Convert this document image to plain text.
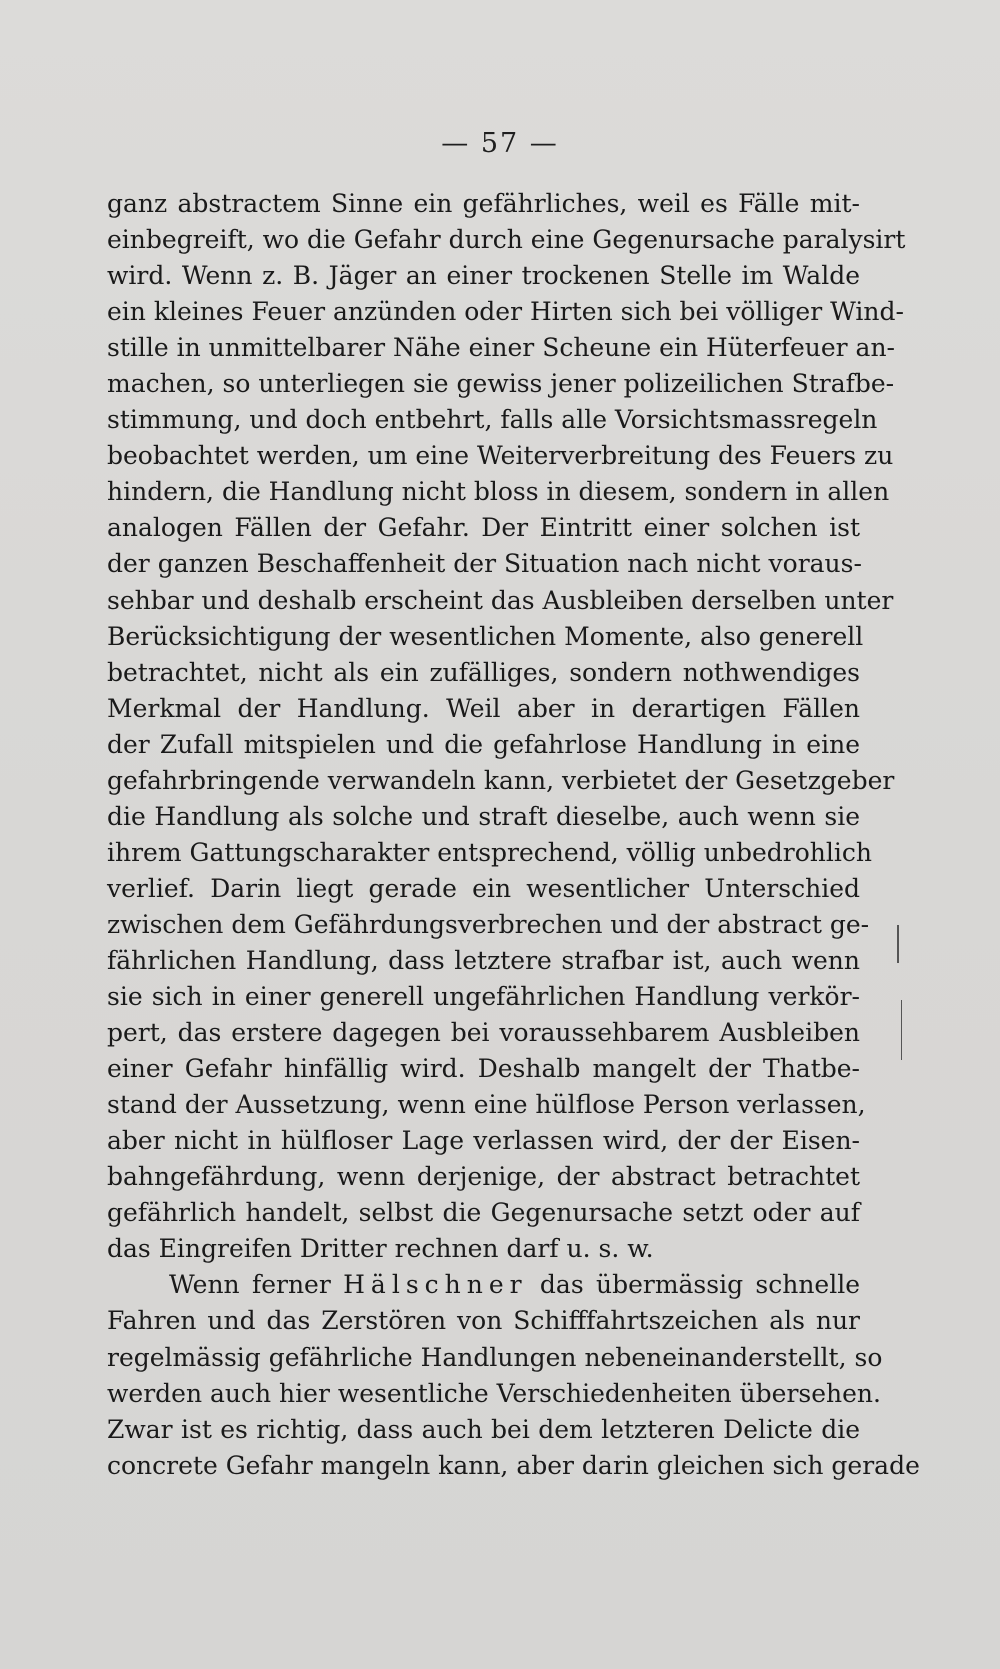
— 57 —
ganz abstractem Sinne ein gefährliches, weil es Fälle mit-
einbegreift, wo die Gefahr durch eine Gegenursache paralysirt
wird. Wenn z. B. Jäger an einer trockenen Stelle im Walde
ein kleines Feuer anzünden oder Hirten sich bei völliger Wind-
stille in unmittelbarer Nähe einer Scheune ein Hüterfeuer an-
machen, so unterliegen sie gewiss jener polizeilichen Strafbe-
stimmung, und doch entbehrt, falls alle Vorsichtsmassregeln
beobachtet werden, um eine Weiterverbreitung des Feuers zu
hindern, die Handlung nicht bloss in diesem, sondern in allen
analogen Fällen der Gefahr. Der Eintritt einer solchen ist
der ganzen Beschaffenheit der Situation nach nicht voraus-
sehbar und deshalb erscheint das Ausbleiben derselben unter
Berücksichtigung der wesentlichen Momente, also generell
betrachtet, nicht als ein zufälliges, sondern nothwendiges
Merkmal der Handlung. Weil aber in derartigen Fällen
der Zufall mitspielen und die gefahrlose Handlung in eine
gefahrbringende verwandeln kann, verbietet der Gesetzgeber
die Handlung als solche und straft dieselbe, auch wenn sie
ihrem Gattungscharakter entsprechend, völlig unbedrohlich
verlief. Darin liegt gerade ein wesentlicher Unterschied
zwischen dem Gefährdungsverbrechen und der abstract ge-
fährlichen Handlung, dass letztere strafbar ist, auch wenn
sie sich in einer generell ungefährlichen Handlung verkör-
pert, das erstere dagegen bei voraussehbarem Ausbleiben
einer Gefahr hinfällig wird. Deshalb mangelt der Thatbe-
stand der Aussetzung, wenn eine hülflose Person verlassen,
aber nicht in hülfloser Lage verlassen wird, der der Eisen-
bahngefährdung, wenn derjenige, der abstract betrachtet
gefährlich handelt, selbst die Gegenursache setzt oder auf
das Eingreifen Dritter rechnen darf u. s. w.
Wenn ferner Hälschner das übermässig schnelle
Fahren und das Zerstören von Schifffahrtszeichen als nur
regelmässig gefährliche Handlungen nebeneinanderstellt, so
werden auch hier wesentliche Verschiedenheiten übersehen.
Zwar ist es richtig, dass auch bei dem letzteren Delicte die
concrete Gefahr mangeln kann, aber darin gleichen sich gerade
